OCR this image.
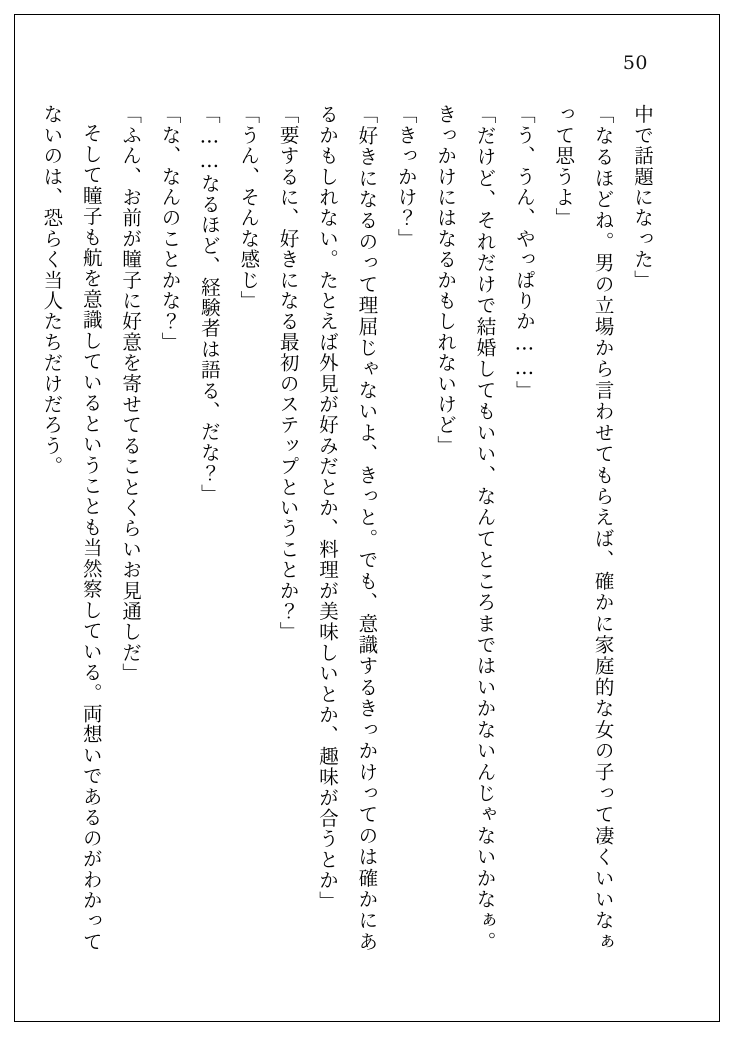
50

中で話題になった」

「なるほどね。男の立場から言わせてもらえば、確かに家庭的な女の子って凄くいいなぁって思うよ」

「う、うん、やっぱりか……」

「だけど、それだけで結婚してもいい、なんてところまではいかないんじゃないかなぁ。きっかけにはなるかもしれないけど」

「きっかけ？」

「好きになるのって理屈じゃないよ、きっと。でも、意識するきっかけってのは確かにあるかもしれない。たとえば外見が好みだとか、料理が美味しいとか、趣味が合うとか」

「要するに、好きになる最初のステップということか？」

「うん、そんな感じ」

「……なるほど、経験者は語る、だな？」

「な、なんのことかな？」

「ふん、お前が瞳子に好意を寄せてることくらいお見通しだ」

そして瞳子も航を意識しているということも当然察している。両想いであるのがわかってないのは、恐らく当人たちだけだろう。
